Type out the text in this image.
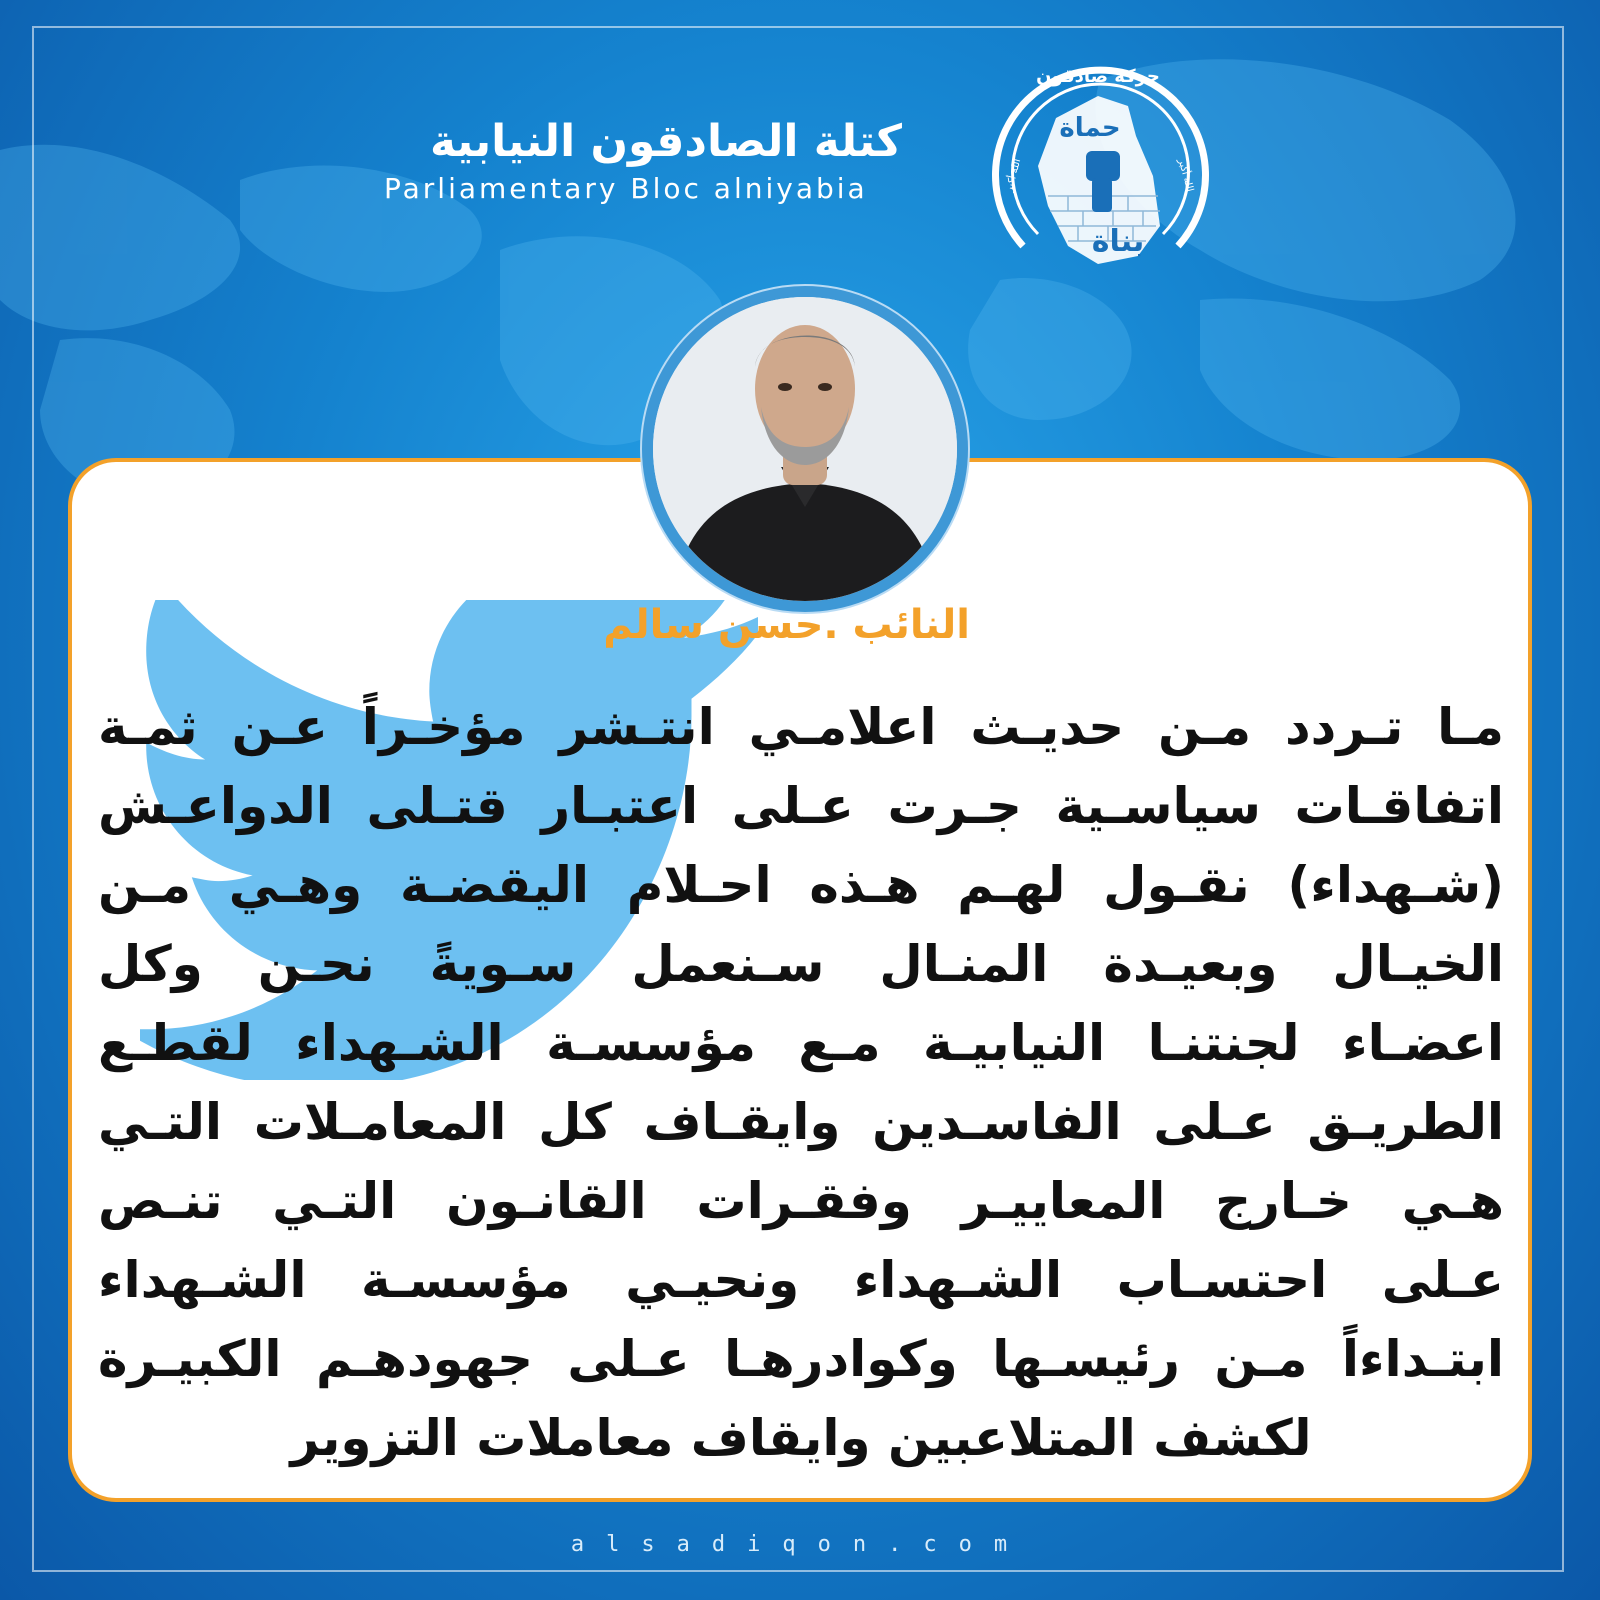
كتلة الصادقون النيابية
Parliamentary Bloc alniyabia
حركة صادقون
حماة
بناة
الله أكبر	الله أكبر
النائب .حسن سالم
مـا تـردد مـن حديـث اعلامـي انتـشر مؤخـراً عـن ثمـة
اتفاقـات سياسـية جـرت عـلى اعتبـار قتـلى الدواعـش
(شـهداء) نقـول لهـم هـذه احـلام اليقضـة وهـي مـن
الخيـال وبعيـدة المنـال سـنعمل سـويةً نحـن وكل
اعضـاء لجنتنـا النيابيـة مـع مؤسسـة الشـهداء لقطـع
الطريـق عـلى الفاسـدين وايقـاف كل المعامـلات التـي
هـي خـارج المعاييـر وفقـرات القانـون التـي تنـص
عـلى احتسـاب الشـهداء ونحيـي مؤسسـة الشـهداء
ابتـداءاً مـن رئيسـها وكوادرهـا عـلى جهودهـم الكبيـرة
لكشف المتلاعبين وايقاف معاملات التزوير
alsadiqon.com
